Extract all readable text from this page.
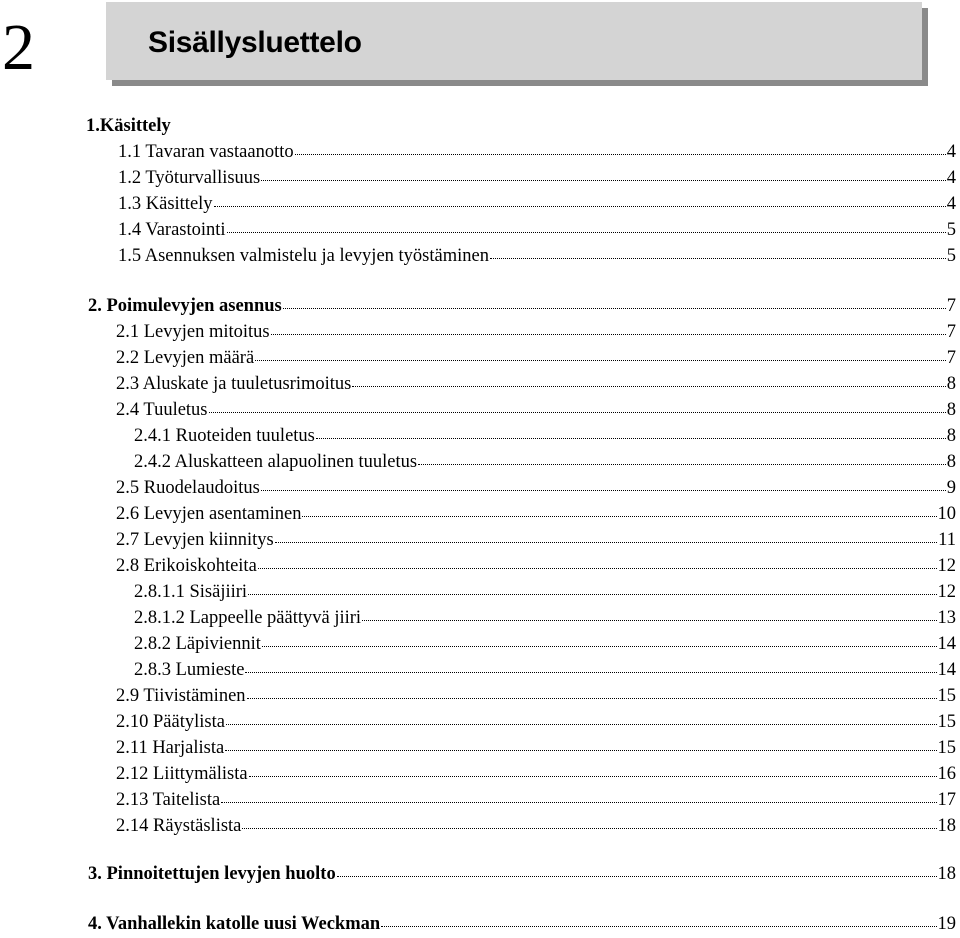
2	Sisällysluettelo
1.Käsittely
1.1 Tavaran vastaanotto	4
1.2 Työturvallisuus	4
1.3 Käsittely	4
1.4 Varastointi	5
1.5 Asennuksen valmistelu ja levyjen työstäminen	5
2. Poimulevyjen asennus	7
2.1 Levyjen mitoitus	7
2.2 Levyjen määrä	7
2.3 Aluskate ja tuuletusrimoitus	8
2.4 Tuuletus	8
2.4.1 Ruoteiden tuuletus	8
2.4.2 Aluskatteen alapuolinen tuuletus	8
2.5 Ruodelaudoitus	9
2.6 Levyjen asentaminen	10
2.7 Levyjen kiinnitys	11
2.8 Erikoiskohteita	12
2.8.1.1 Sisäjiiri	12
2.8.1.2 Lappeelle päättyvä jiiri	13
2.8.2 Läpiviennit	14
2.8.3 Lumieste	14
2.9 Tiivistäminen	15
2.10 Päätylista	15
2.11 Harjalista	15
2.12 Liittymälista	16
2.13 Taitelista	17
2.14 Räystäslista	18
3. Pinnoitettujen levyjen huolto	18
4. Vanhallekin katolle uusi Weckman	19
